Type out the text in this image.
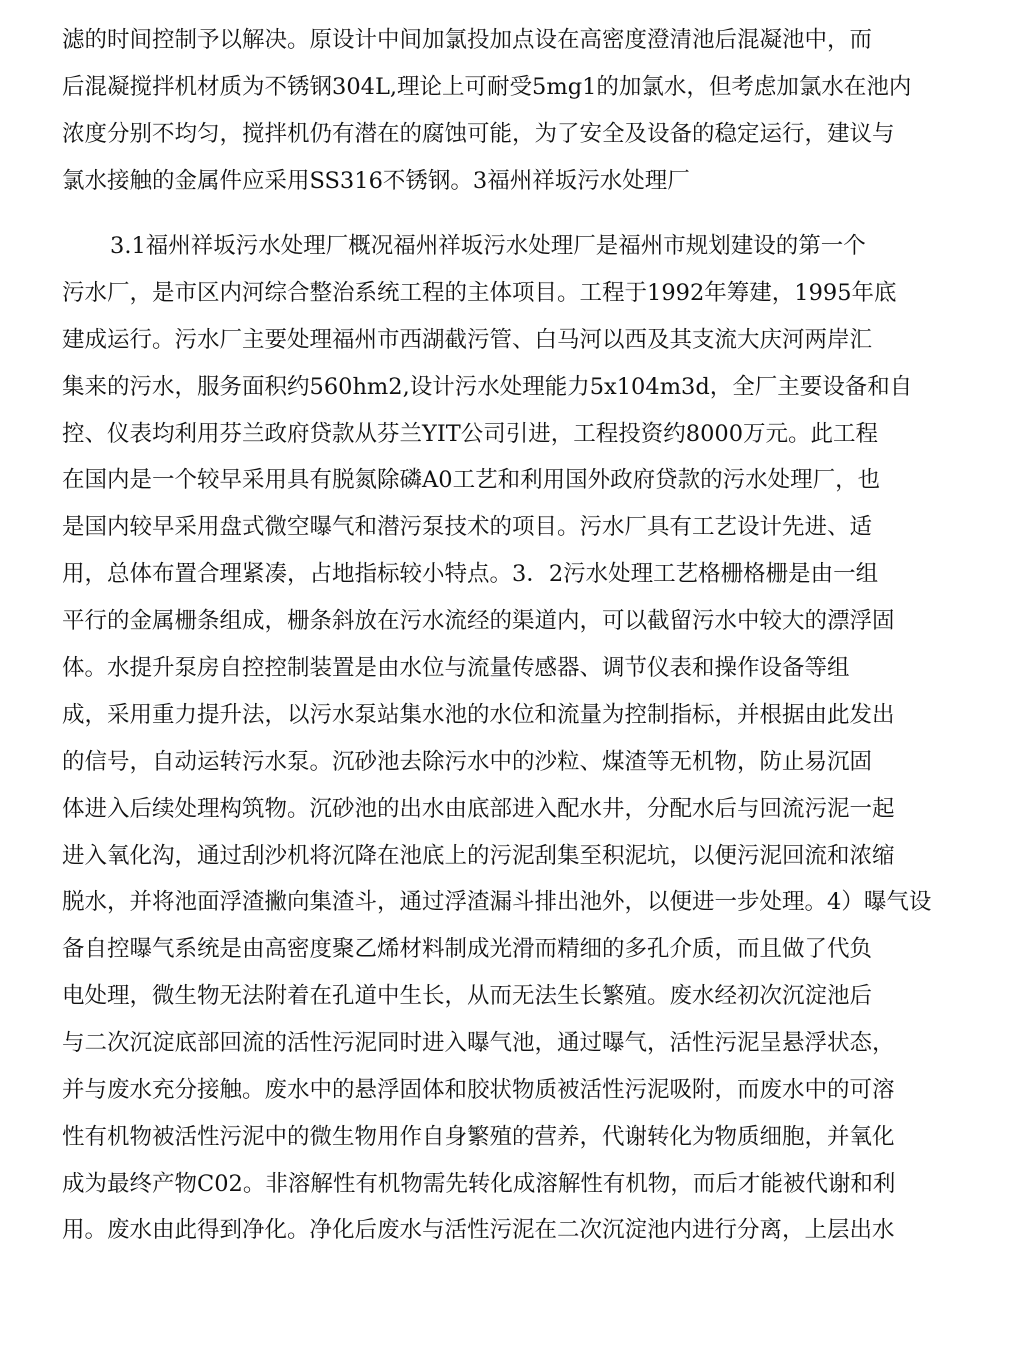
滤的时间控制予以解决。原设计中间加氯投加点设在高密度澄清池后混凝池中，而
后混凝搅拌机材质为不锈钢304L,理论上可耐受5mg1的加氯水，但考虑加氯水在池内
浓度分别不均匀，搅拌机仍有潜在的腐蚀可能，为了安全及设备的稳定运行，建议与
氯水接触的金属件应采用SS316不锈钢。3福州祥坂污水处理厂
3.1福州祥坂污水处理厂概况福州祥坂污水处理厂是福州市规划建设的第一个
污水厂，是市区内河综合整治系统工程的主体项目。工程于1992年筹建，1995年底
建成运行。污水厂主要处理福州市西湖截污管、白马河以西及其支流大庆河两岸汇
集来的污水，服务面积约560hm2,设计污水处理能力5x104m3d，全厂主要设备和自
控、仪表均利用芬兰政府贷款从芬兰YIT公司引进，工程投资约8000万元。此工程
在国内是一个较早采用具有脱氮除磷A0工艺和利用国外政府贷款的污水处理厂，也
是国内较早采用盘式微空曝气和潜污泵技术的项目。污水厂具有工艺设计先进、适
用，总体布置合理紧凑，占地指标较小特点。3．2污水处理工艺格栅格栅是由一组
平行的金属栅条组成，栅条斜放在污水流经的渠道内，可以截留污水中较大的漂浮固
体。水提升泵房自控控制装置是由水位与流量传感器、调节仪表和操作设备等组
成，采用重力提升法，以污水泵站集水池的水位和流量为控制指标，并根据由此发出
的信号，自动运转污水泵。沉砂池去除污水中的沙粒、煤渣等无机物，防止易沉固
体进入后续处理构筑物。沉砂池的出水由底部进入配水井，分配水后与回流污泥一起
进入氧化沟，通过刮沙机将沉降在池底上的污泥刮集至积泥坑，以便污泥回流和浓缩
脱水，并将池面浮渣撇向集渣斗，通过浮渣漏斗排出池外，以便进一步处理。4）曝气设
备自控曝气系统是由高密度聚乙烯材料制成光滑而精细的多孔介质，而且做了代负
电处理，微生物无法附着在孔道中生长，从而无法生长繁殖。废水经初次沉淀池后
与二次沉淀底部回流的活性污泥同时进入曝气池，通过曝气，活性污泥呈悬浮状态，
并与废水充分接触。废水中的悬浮固体和胶状物质被活性污泥吸附，而废水中的可溶
性有机物被活性污泥中的微生物用作自身繁殖的营养，代谢转化为物质细胞，并氧化
成为最终产物C02。非溶解性有机物需先转化成溶解性有机物，而后才能被代谢和利
用。废水由此得到净化。净化后废水与活性污泥在二次沉淀池内进行分离，上层出水
